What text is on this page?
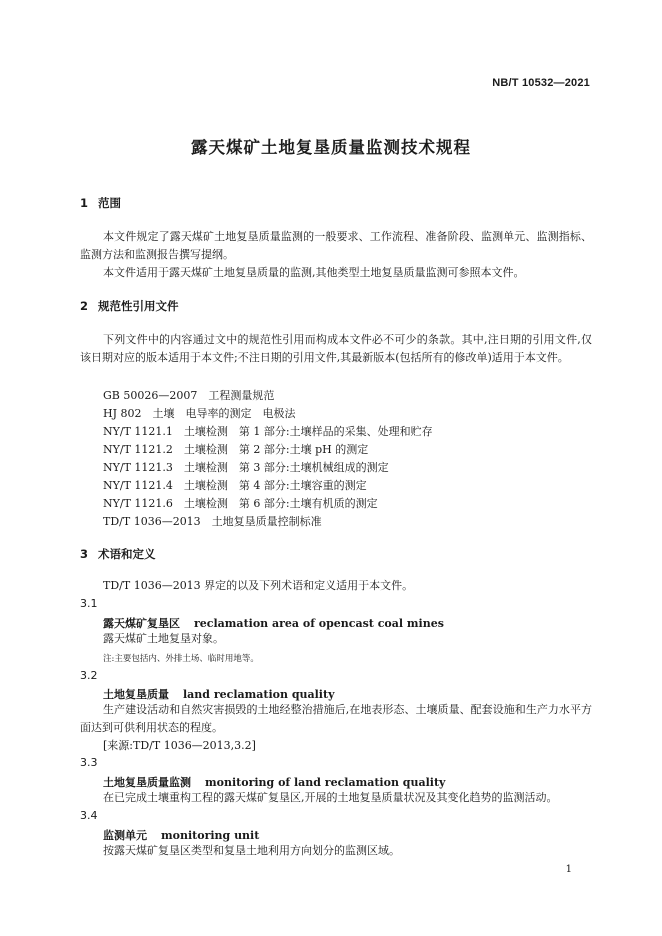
NB/T 10532—2021
露天煤矿土地复垦质量监测技术规程
1 范围
本文件规定了露天煤矿土地复垦质量监测的一般要求、工作流程、准备阶段、监测单元、监测指标、监测方法和监测报告撰写提纲。
本文件适用于露天煤矿土地复垦质量的监测,其他类型土地复垦质量监测可参照本文件。
2 规范性引用文件
下列文件中的内容通过文中的规范性引用而构成本文件必不可少的条款。其中,注日期的引用文件,仅该日期对应的版本适用于本文件;不注日期的引用文件,其最新版本(包括所有的修改单)适用于本文件。
GB 50026—2007　 工程测量规范
HJ 802　 土壤　电导率的测定　电极法
NY/T 1121.1　 土壤检测　第 1 部分:土壤样品的采集、处理和贮存
NY/T 1121.2　 土壤检测　第 2 部分:土壤 pH 的测定
NY/T 1121.3　 土壤检测　第 3 部分:土壤机械组成的测定
NY/T 1121.4　 土壤检测　第 4 部分:土壤容重的测定
NY/T 1121.6　 土壤检测　第 6 部分:土壤有机质的测定
TD/T 1036—2013　 土地复垦质量控制标准
3 术语和定义
TD/T 1036—2013 界定的以及下列术语和定义适用于本文件。
3.1
露天煤矿复垦区 reclamation area of opencast coal mines
露天煤矿土地复垦对象。
注:主要包括内、外排土场、临时用地等。
3.2
土地复垦质量 land reclamation quality
生产建设活动和自然灾害损毁的土地经整治措施后,在地表形态、土壤质量、配套设施和生产力水平方面达到可供利用状态的程度。
[来源:TD/T 1036—2013,3.2]
3.3
土地复垦质量监测 monitoring of land reclamation quality
在已完成土壤重构工程的露天煤矿复垦区,开展的土地复垦质量状况及其变化趋势的监测活动。
3.4
监测单元 monitoring unit
按露天煤矿复垦区类型和复垦土地利用方向划分的监测区域。
1
